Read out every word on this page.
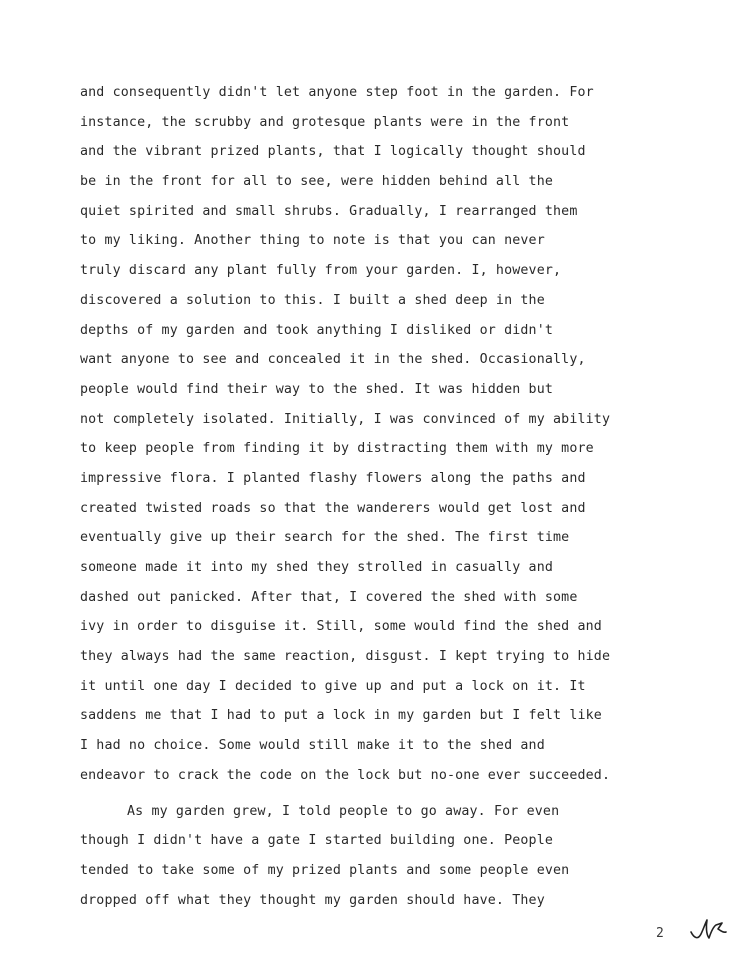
and consequently didn't let anyone step foot in the garden. For
instance, the scrubby and grotesque plants were in the front
and the vibrant prized plants, that I logically thought should
be in the front for all to see, were hidden behind all the
quiet spirited and small shrubs. Gradually, I rearranged them
to my liking. Another thing to note is that you can never
truly discard any plant fully from your garden. I, however,
discovered a solution to this. I built a shed deep in the
depths of my garden and took anything I disliked or didn't
want anyone to see and concealed it in the shed. Occasionally,
people would find their way to the shed. It was hidden but
not completely isolated. Initially, I was convinced of my ability
to keep people from finding it by distracting them with my more
impressive flora. I planted flashy flowers along the paths and
created twisted roads so that the wanderers would get lost and
eventually give up their search for the shed. The first time
someone made it into my shed they strolled in casually and
dashed out panicked. After that, I covered the shed with some
ivy in order to disguise it. Still, some would find the shed and
they always had the same reaction, disgust. I kept trying to hide
it until one day I decided to give up and put a lock on it. It
saddens me that I had to put a lock in my garden but I felt like
I had no choice. Some would still make it to the shed and
endeavor to crack the code on the lock but no-one ever succeeded.
As my garden grew, I told people to go away. For even
though I didn't have a gate I started building one. People
tended to take some of my prized plants and some people even
dropped off what they thought my garden should have. They
2
